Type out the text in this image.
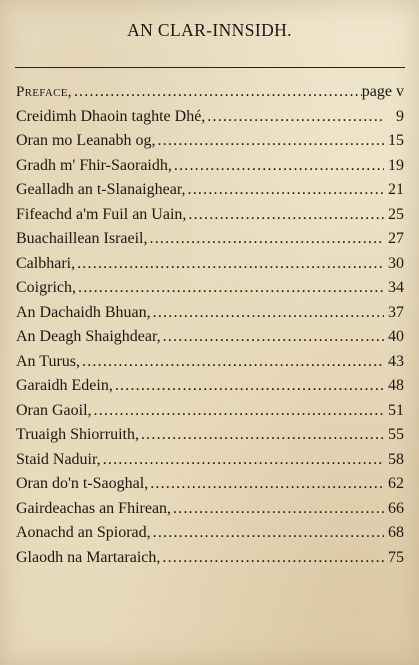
AN CLAR-INNSIDH.
Preface, .....	page v
Creidimh Dhaoin taghte Dhé, .....	9
Oran mo Leanabh og, .....	15
Gradh m' Fhir-Saoraidh, .....	19
Gealladh an t-Slanaighear, .....	21
Fifeachd a'm Fuil an Uain, .....	25
Buachaillean Israeil, .....	27
Calbhari, .....	30
Coigrich, .....	34
An Dachaidh Bhuan, .....	37
An Deagh Shaighdear, .....	40
An Turus, .....	43
Garaidh Edein, .....	48
Oran Gaoil, .....	51
Truaigh Shiorruith, .....	55
Staid Naduir, .....	58
Oran do'n t-Saoghal, .....	62
Gairdeachas an Fhirean, .....	66
Aonachd an Spiorad, .....	68
Glaodh na Martaraich, .....	75
